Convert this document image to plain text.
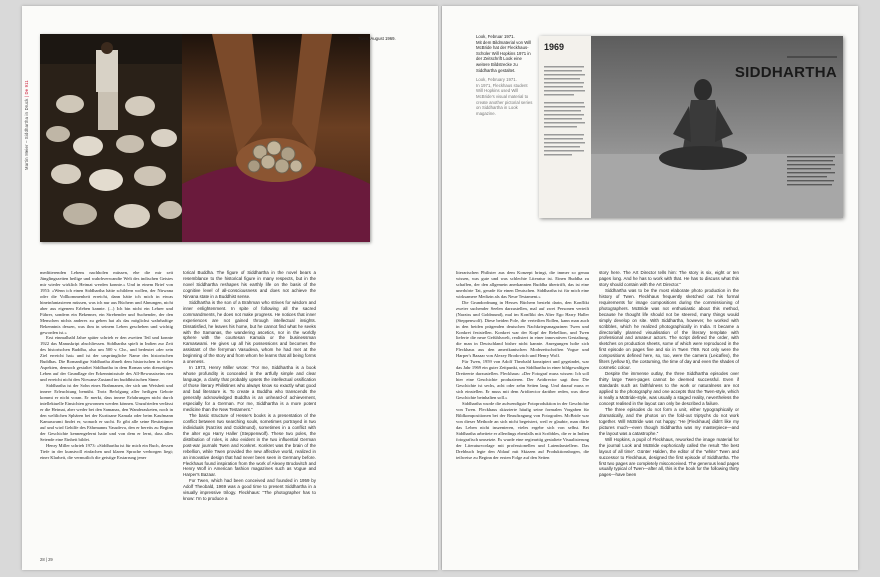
Martin Meier – Siddhartha in Druck | De 911
Twen, August 1969.

meditierenden Lebens nachholen müssen, ehe die mir seit Jünglingszeiten heilige und wahrhverwandte Welt des indischen Geistes mir wieder wirklich Heimat werden konnte.» Und in einem Brief von 1953: «Wenn ich einen Siddhartha hätte schildern wollen, der Nirwana oder die Vollkommenheit erreicht, dann hätte ich mich in etwas hineinfantasieren müssen, was ich nur aus Büchern und Ahnungen, nicht aber aus eigenem Erleben kannte. (...) Ich bin nicht ein Lehrer und Führer, sondern ein Bekenner, ein Strebender und Suchender, der den Menschen nichts anderes zu geben hat als das möglichst wahrhaftige Bekenntnis dessen, was ihm in seinem Leben geschehen und wichtig geworden ist.»

Erst einmalbald Jahre später schrieb er den zweiten Teil und konnte 1922 das Manuskript abschliessen. Siddhartha spielt in Indien zur Zeit des historischen Buddha, also um 500 v. Chr., und bedeutet «der sein Ziel erreicht hat» und ist der ursprüngliche Name des historischen Buddhas. Die Romanfigur Siddhartha ähnelt dem historischen in vielen Aspekten, dennoch gestaltet Siddhartha in dem Roman sein diesseitiges Leben auf der Grundlage der Erkenntnisstufe des All-Bewusstseins neu und erreicht nicht den Nirwana-Zustand im buddhistischen Sinne.

Siddhartha ist der Sohn eines Brahmanen, der sich um Weisheit und innere Erleuchtung bemüht. Trotz Befolgung aller heiligen Gebote kommt er nicht voran. Er merkt, dass innere Erfahrungen nicht durch intellektuelle Einsichten gewonnen werden können. Unzufrieden verlässt er die Heimat, aber weder bei den Samanas, den Wanderasketen, noch in den weltlichen Sphären bei der Kurtisane Kamala oder beim Kaufmann Kamaswami findet er, wonach er sucht. Er gibt alle seine Besitztümer auf und wird Gehilfe des Fährmanns Vasudeva, den er bereits zu Beginn der Geschichte kennengelernt hatte und von dem er lernt, dass alles Seiende eine Einheit bildet.

Henry Miller schrieb 1973: «Siddhartha ist für mich ein Buch, dessen Tiefe in der kunstvoll einfachen und klaren Sprache verborgen liegt; einer Klarheit, die vermutlich die geistige Erstarrung jener

torical Buddha. The figure of Siddhartha in the novel bears a resemblance to the historical figure in many respects, but in the novel Siddhartha reshapes his earthly life on the basis of the cognitive level of all-consciousness and does not achieve the Nirvana state in a Buddhist sense.

Siddhartha is the son of a Brahman who strives for wisdom and inner enlightenment. In spite of following all the sacred commandments, he does not make progress. He notices that inner experiences are not gained through intellectual insights. Dissatisfied, he leaves his home, but he cannot find what he seeks with the Samanas, the wandering ascetics, nor in the worldly sphere with the courtesan Kamala or the businessman Kamaswami. He gives up all his possessions and becomes the assistant of the ferryman Vasudeva, whom he had met at the beginning of the story and from whom he learns that all being forms a oneness.

In 1973, Henry Miller wrote: “For me, Siddhartha is a book whose profundity is concealed in the artfully simple and clear language, a clarity that probably upsets the intellectual ossification of those literary Philistines who always know so exactly what good and bad literature is. To create a Buddha who transcends the generally acknowledged Buddha is an unheard-of achievement, especially for a German. For me, Siddhartha is a more potent medicine than the New Testament.”

The basic structure of Hesse's books is a presentation of the conflict between two searching souls, sometimes portrayed in two individuals (Narziss and Goldmund), sometimes in a conflict with the alter ego Harry Haller (Steppenwolf). These two poles, the distribution of roles, is also evident in the two influential German post-war journals Twen and Konkret. Konkret was the brain of the rebellion, while Twen provided the new affective world, realized in an innovative design that had never been seen in Germany before. Fleckhaus found inspiration from the work of Alexey Brodovitch and Henry Wolf in American fashion magazines such as Vogue and Harper's Bazaar.

For Twen, which had been conceived and founded in 1959 by Adolf Theobald, 1969 was a good time to present Siddhartha in a visually impressive trilogy. Fleckhaus: “The photographer has to know: I'm to produce a

28 | 29
Look, Februar 1971.
Mit dem Bildmaterial von Will McBride hat der Fleckhaus-Schüler Will Hopkins 1971 in der Zeitschrift Look eine weitere Bildstrecke zu Siddhartha gestaltet.
Look, February 1971.
In 1971, Fleckhaus student Will Hopkins used Will McBride's visual material to create another pictorial series on Siddhartha in Look magazine.
1969
SIDDHARTHA

literarischen Philister aus dem Konzept bringt, die immer so genau wissen, was gute und was schlechte Literatur ist. Einen Buddha zu schaffen, der den allgemein anerkannten Buddha übertrifft, das ist eine unerhörte Tat, gerade für einen Deutschen. Siddhartha ist für mich eine wirksamere Medizin als das Neue Testament.»

Die Grundordnung in Hesses Büchern besteht darin, den Konflikt zweier suchender Seelen darzustellen, mal auf zwei Personen verteilt (Narziss und Goldmund), mal im Konflikt des Alter Ego Harry Haller (Steppenwolf). Diese beiden Pole, die verteilten Rollen, kann man auch in den beiden prägenden deutschen Nachkriegsmagazinen Twen und Konkret feststellen. Konkret war der Kopf der Rebellion, und Twen lieferte die neue Gefühlswelt, realisiert in einer innovativen Gestaltung, die man in Deutschland bisher nicht kannte. Anregungen holte sich Fleckhaus aus den amerikanischen Modezeitschriften Vogue und Harper's Bazaar von Alexey Brodovitch und Henry Wolf.

Für Twen, 1959 von Adolf Theobald konzipiert und gegründet, war das Jahr 1969 ein guter Zeitpunkt, um Siddhartha in einer bildgewaltigen Dreiteerie darzustellen. Fleckhaus: «Der Fotograf muss wissen: Ich soll hier eine Geschichte produzieren. Der Artdirector sagt ihm: Die Geschichte ist sechs, acht oder zehn Seiten lang. Und darauf muss er sich einstellen. Er muss mit dem Artdirector darüber reden, was diese Geschichte beinhalten soll.»

Siddhartha wurde die aufwendigste Fotoproduktion in der Geschichte von Twen. Fleckhaus skizzierte häufig seine formalen Vorgaben für Bildkompositionen bei der Beauftragung von Fotografen. McBride war von dieser Methode an sich nicht begeistert, weil er glaubte, man dürfe das Leben nicht inszenieren, vieles ergebe sich von selbst. Bei Siddhartha arbeitete er allerdings ebenfalls mit Scribbles, die er in Indien fotografisch umsetzte. Es wurde eine regiearttig gestaltete Visualisierung der Literaturvorlage mit professionellen und Laiendarstellern. Das Drehbuch legte den Ablauf mit Skizzen auf Produktionsbogen, die teilweise zu Beginn der ersten Folge auf den Seiten

story here. The Art Director tells him: The story is six, eight or ten pages long. And he has to work with that. He has to discuss what this story should contain with the Art Director.”

Siddhartha was to be the most elaborate photo production in the history of Twen. Fleckhaus frequently sketched out his formal requirements for image compositions during the commissioning of photographers. McBride was not enthusiastic about this method, because he thought life should not be steered, many things would simply develop on site. With Siddhartha, however, he worked with scribbles, which he realized photographically in India. It became a directorially planned visualisation of the literary template with professional and amateur actors. The script defined the order, with sketches on production sheets, some of which were reproduced in the first episode on pages five and six in Twen 7/69. Not only were the compositions defined here, so, too, were the camera (Leicaflex), the filters (yellow 5), the costuming, the time of day and even the shades of cosmetic colour.

Despite the immense outlay, the three Siddhartha episodes over thirty large Twen-pages cannot be deemed successful. Even if standards such as faithfulness to the work or naturalness are not applied to the photography and one accepts that the Twen-style, which is really a McBride-style, was usually a staged reality, nevertheless the concept realised in the layout can only be described a failure.

The three episodes do not form a unit, either typographically or dramatically, and the photos on the fold-out triptychs do not work together. Will McBride was not happy: “He [Fleckhaus] didn't like my pictures much—even though Siddhartha was my masterpiece—and the layout was a catastrophe.”

Will Hopkins, a pupil of Fleckhaus, reworked the image material for the journal Look and McBride euphorically called the result “the best layout of all time”. Günter Halden, the editor of the “white” Twen and successor to Fleckhaus, designed the first episode of Siddhartha. The first two pages are completely misconceived. The generous lead pages usually typical of Twen—after all, this is the book for the following thirty pages—have been
